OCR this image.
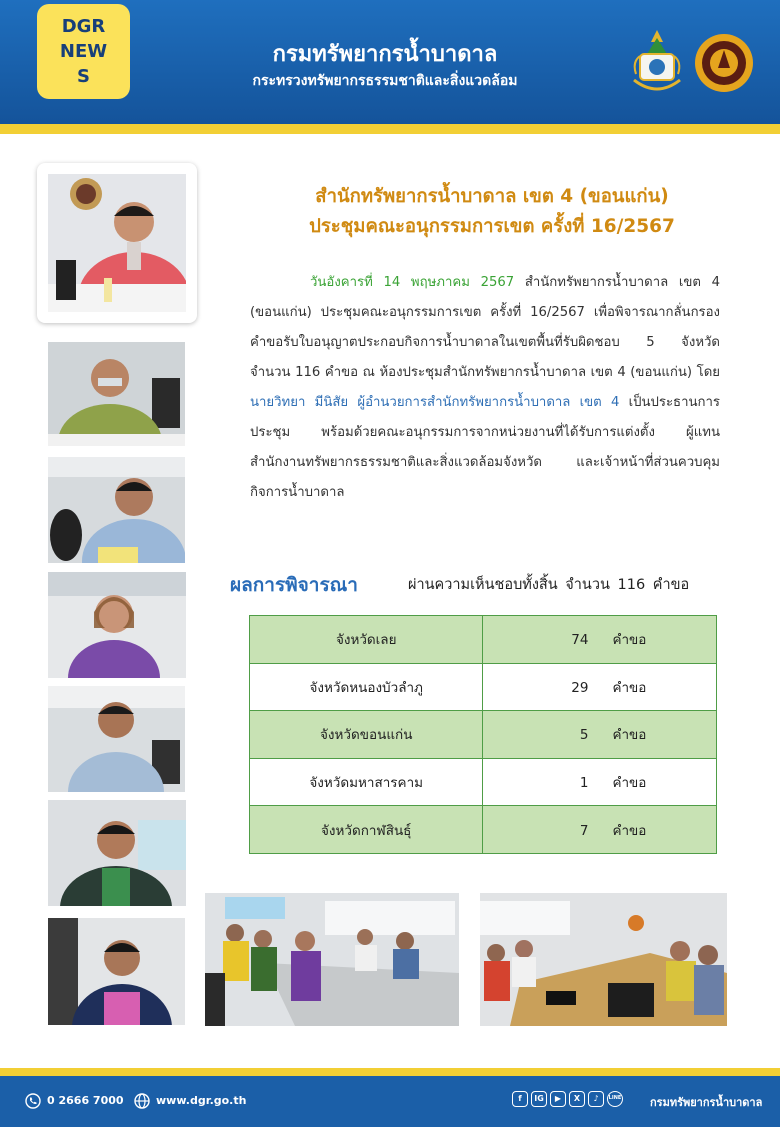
DGR NEWS
กรมทรัพยากรน้ำบาดาล
กระทรวงทรัพยากรธรรมชาติและสิ่งแวดล้อม
สำนักทรัพยากรน้ำบาดาล เขต 4 (ขอนแก่น)
ประชุมคณะอนุกรรมการเขต ครั้งที่ 16/2567
วันอังคารที่ 14 พฤษภาคม 2567 สำนักทรัพยากรน้ำบาดาล เขต 4 (ขอนแก่น) ประชุมคณะอนุกรรมการเขต ครั้งที่ 16/2567 เพื่อพิจารณากลั่นกรองคำขอรับใบอนุญาตประกอบกิจการน้ำบาดาลในเขตพื้นที่รับผิดชอบ 5 จังหวัด จำนวน 116 คำขอ ณ ห้องประชุมสำนักทรัพยากรน้ำบาดาล เขต 4 (ขอนแก่น) โดย นายวิทยา มีนิสัย ผู้อำนวยการสำนักทรัพยากรน้ำบาดาล เขต 4 เป็นประธานการประชุม พร้อมด้วยคณะอนุกรรมการจากหน่วยงานที่ได้รับการแต่งตั้ง ผู้แทนสำนักงานทรัพยากรธรรมชาติและสิ่งแวดล้อมจังหวัด และเจ้าหน้าที่ส่วนควบคุมกิจการน้ำบาดาล
ผลการพิจารณา	ผ่านความเห็นชอบทั้งสิ้น จำนวน 116 คำขอ
จังหวัดเลย	74 คำขอ
จังหวัดหนองบัวลำภู	29 คำขอ
จังหวัดขอนแก่น	5 คำขอ
จังหวัดมหาสารคาม	1 คำขอ
จังหวัดกาฬสินธุ์	7 คำขอ
0 2666 7000	www.dgr.go.th	f	IG	▶	X	♪	LINE	กรมทรัพยากรน้ำบาดาล
